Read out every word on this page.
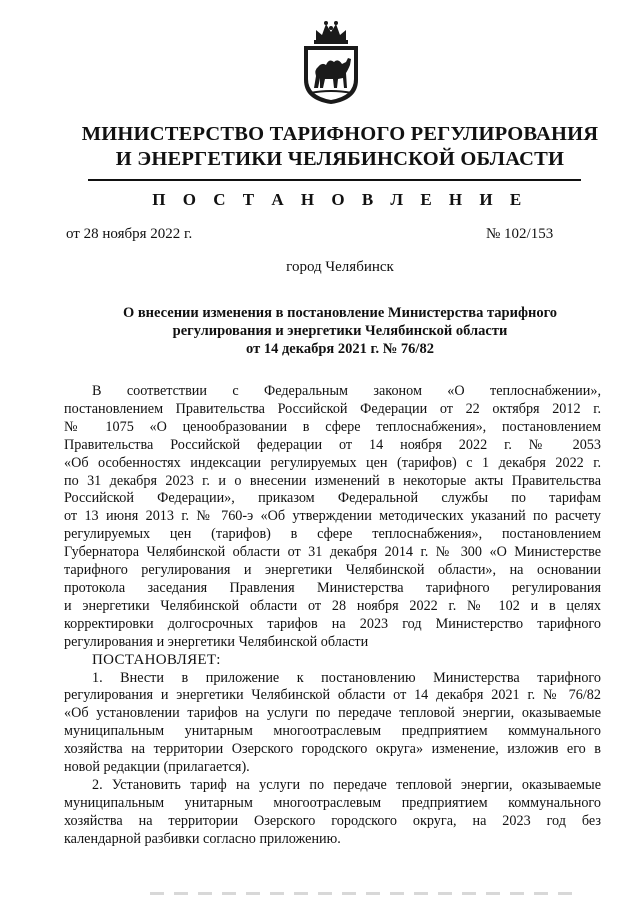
МИНИСТЕРСТВО ТАРИФНОГО РЕГУЛИРОВАНИЯ
И ЭНЕРГЕТИКИ ЧЕЛЯБИНСКОЙ ОБЛАСТИ
П О С Т А Н О В Л Е Н И Е
от 28 ноября 2022 г.	№ 102/153
город Челябинск
О внесении изменения в постановление Министерства тарифного
регулирования и энергетики Челябинской области
от 14 декабря 2021 г. № 76/82

В соответствии с Федеральным законом «О теплоснабжении»,

постановлением Правительства Российской Федерации от 22 октября 2012 г.

№ 1075 «О ценообразовании в сфере теплоснабжения», постановлением

Правительства Российской федерации от 14 ноября 2022 г. № 2053

«Об особенностях индексации регулируемых цен (тарифов) с 1 декабря 2022 г.

по 31 декабря 2023 г. и о внесении изменений в некоторые акты Правительства

Российской Федерации», приказом Федеральной службы по тарифам

от 13 июня 2013 г. № 760-э «Об утверждении методических указаний по расчету

регулируемых цен (тарифов) в сфере теплоснабжения», постановлением

Губернатора Челябинской области от 31 декабря 2014 г. № 300 «О Министерстве

тарифного регулирования и энергетики Челябинской области», на основании

протокола заседания Правления Министерства тарифного регулирования

и энергетики Челябинской области от 28 ноября 2022 г. № 102 и в целях

корректировки долгосрочных тарифов на 2023 год Министерство тарифного

регулирования и энергетики Челябинской области

ПОСТАНОВЛЯЕТ:

1. Внести в приложение к постановлению Министерства тарифного

регулирования и энергетики Челябинской области от 14 декабря 2021 г. № 76/82

«Об установлении тарифов на услуги по передаче тепловой энергии, оказываемые

муниципальным унитарным многоотраслевым предприятием коммунального

хозяйства на территории Озерского городского округа» изменение, изложив его в

новой редакции (прилагается).

2. Установить тариф на услуги по передаче тепловой энергии, оказываемые

муниципальным унитарным многоотраслевым предприятием коммунального

хозяйства на территории Озерского городского округа, на 2023 год без

календарной разбивки согласно приложению.
